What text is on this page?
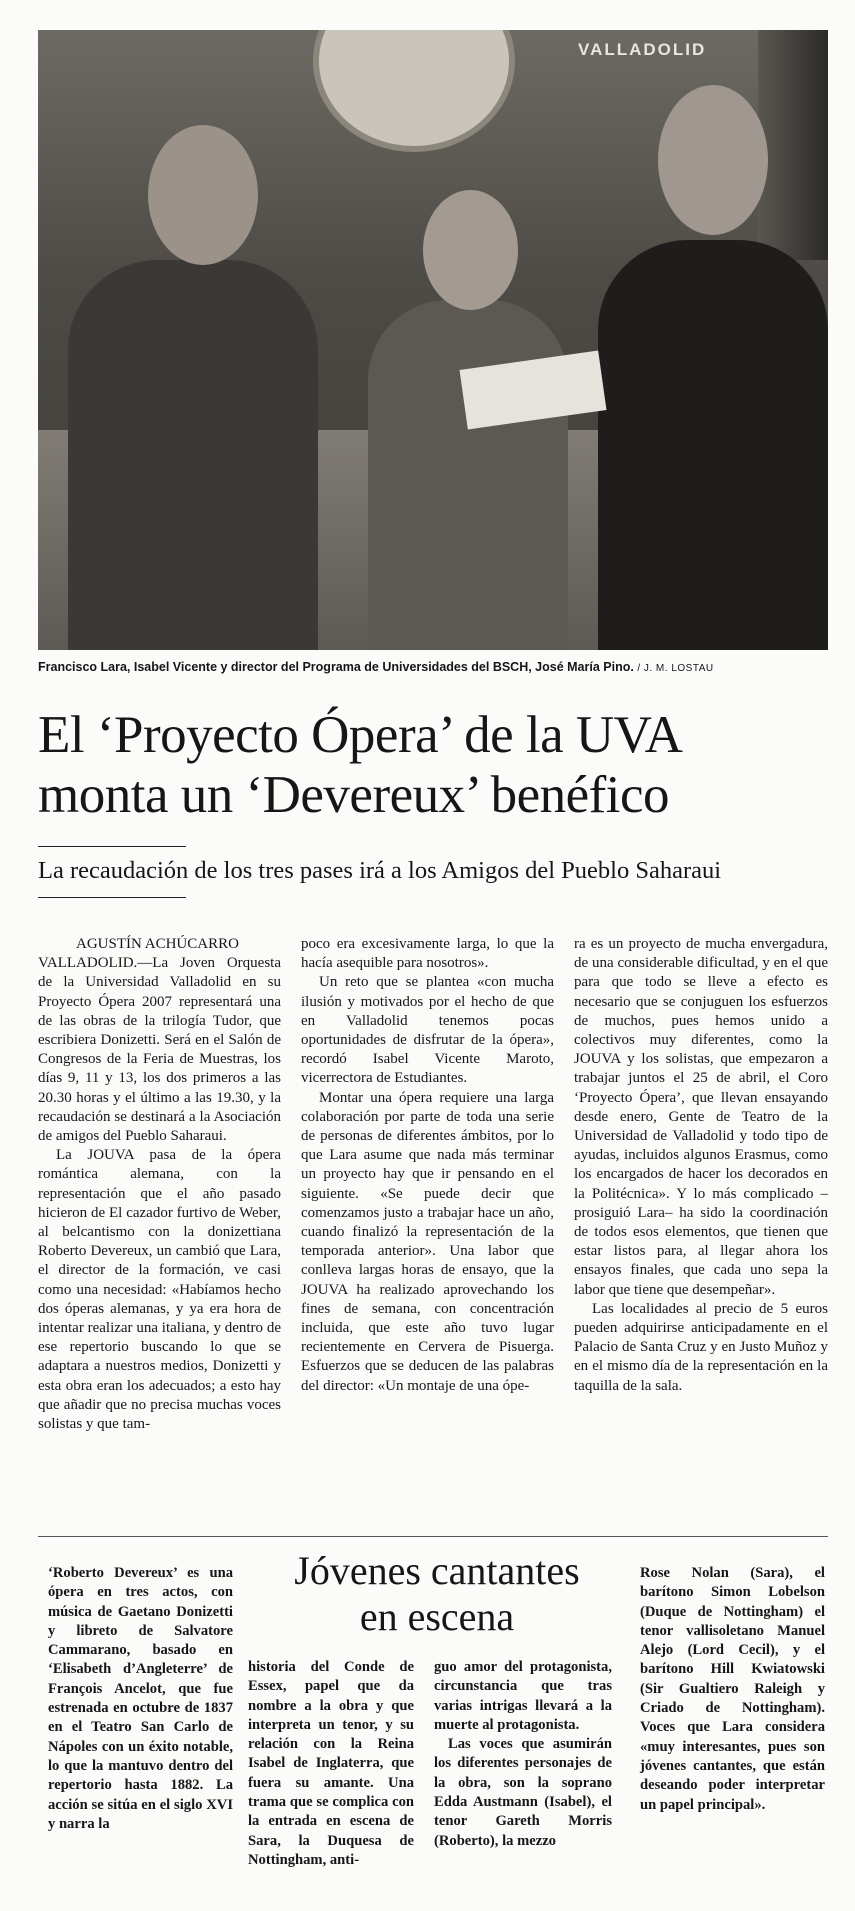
VALLADOLID
Francisco Lara, Isabel Vicente y director del Programa de Universidades del BSCH, José María Pino. / J. M. LOSTAU
El ‘Proyecto Ópera’ de la UVA
monta un ‘Devereux’ benéfico
La recaudación de los tres pases irá a los Amigos del Pueblo Saharaui

AGUSTÍN ACHÚCARRO

VALLADOLID.—La Joven Orquesta de la Universidad Valladolid en su Proyecto Ópera 2007 representará una de las obras de la trilogía Tudor, que escribiera Donizetti. Será en el Salón de Congresos de la Feria de Muestras, los días 9, 11 y 13, los dos primeros a las 20.30 horas y el último a las 19.30, y la recaudación se destinará a la Asociación de amigos del Pueblo Saharaui.

La JOUVA pasa de la ópera romántica alemana, con la representación que el año pasado hicieron de El cazador furtivo de Weber, al belcantismo con la donizettiana Roberto Devereux, un cambió que Lara, el director de la formación, ve casi como una necesidad: «Habíamos hecho dos óperas alemanas, y ya era hora de intentar realizar una italiana, y dentro de ese repertorio buscando lo que se adaptara a nuestros medios, Donizetti y esta obra eran los adecuados; a esto hay que añadir que no precisa muchas voces solistas y que tam-

poco era excesivamente larga, lo que la hacía asequible para nosotros».

Un reto que se plantea «con mucha ilusión y motivados por el hecho de que en Valladolid tenemos pocas oportunidades de disfrutar de la ópera», recordó Isabel Vicente Maroto, vicerrectora de Estudiantes.

Montar una ópera requiere una larga colaboración por parte de toda una serie de personas de diferentes ámbitos, por lo que Lara asume que nada más terminar un proyecto hay que ir pensando en el siguiente. «Se puede decir que comenzamos justo a trabajar hace un año, cuando finalizó la representación de la temporada anterior». Una labor que conlleva largas horas de ensayo, que la JOUVA ha realizado aprovechando los fines de semana, con concentración incluida, que este año tuvo lugar recientemente en Cervera de Pisuerga. Esfuerzos que se deducen de las palabras del director: «Un montaje de una ópe-

ra es un proyecto de mucha envergadura, de una considerable dificultad, y en el que para que todo se lleve a efecto es necesario que se conjuguen los esfuerzos de muchos, pues hemos unido a colectivos muy diferentes, como la JOUVA y los solistas, que empezaron a trabajar juntos el 25 de abril, el Coro ‘Proyecto Ópera’, que llevan ensayando desde enero, Gente de Teatro de la Universidad de Valladolid y todo tipo de ayudas, incluidos algunos Erasmus, como los encargados de hacer los decorados en la Politécnica». Y lo más complicado –prosiguió Lara– ha sido la coordinación de todos esos elementos, que tienen que estar listos para, al llegar ahora los ensayos finales, que cada uno sepa la labor que tiene que desempeñar».

Las localidades al precio de 5 euros pueden adquirirse anticipadamente en el Palacio de Santa Cruz y en Justo Muñoz y en el mismo día de la representación en la taquilla de la sala.

Jóvenes cantantes
en escena

‘Roberto Devereux’ es una ópera en tres actos, con música de Gaetano Donizetti y libreto de Salvatore Cammarano, basado en ‘Elisabeth d’Angleterre’ de François Ancelot, que fue estrenada en octubre de 1837 en el Teatro San Carlo de Nápoles con un éxito notable, lo que la mantuvo dentro del repertorio hasta 1882. La acción se sitúa en el siglo XVI y narra la

historia del Conde de Essex, papel que da nombre a la obra y que interpreta un tenor, y su relación con la Reina Isabel de Inglaterra, que fuera su amante. Una trama que se complica con la entrada en escena de Sara, la Duquesa de Nottingham, anti-

guo amor del protagonista, circunstancia que tras varias intrigas llevará a la muerte al protagonista.

Las voces que asumirán los diferentes personajes de la obra, son la soprano Edda Austmann (Isabel), el tenor Gareth Morris (Roberto), la mezzo

Rose Nolan (Sara), el barítono Simon Lobelson (Duque de Nottingham) el tenor vallisoletano Manuel Alejo (Lord Cecil), y el barítono Hill Kwiatowski (Sir Gualtiero Raleigh y Criado de Nottingham). Voces que Lara considera «muy interesantes, pues son jóvenes cantantes, que están deseando poder interpretar un papel principal».
